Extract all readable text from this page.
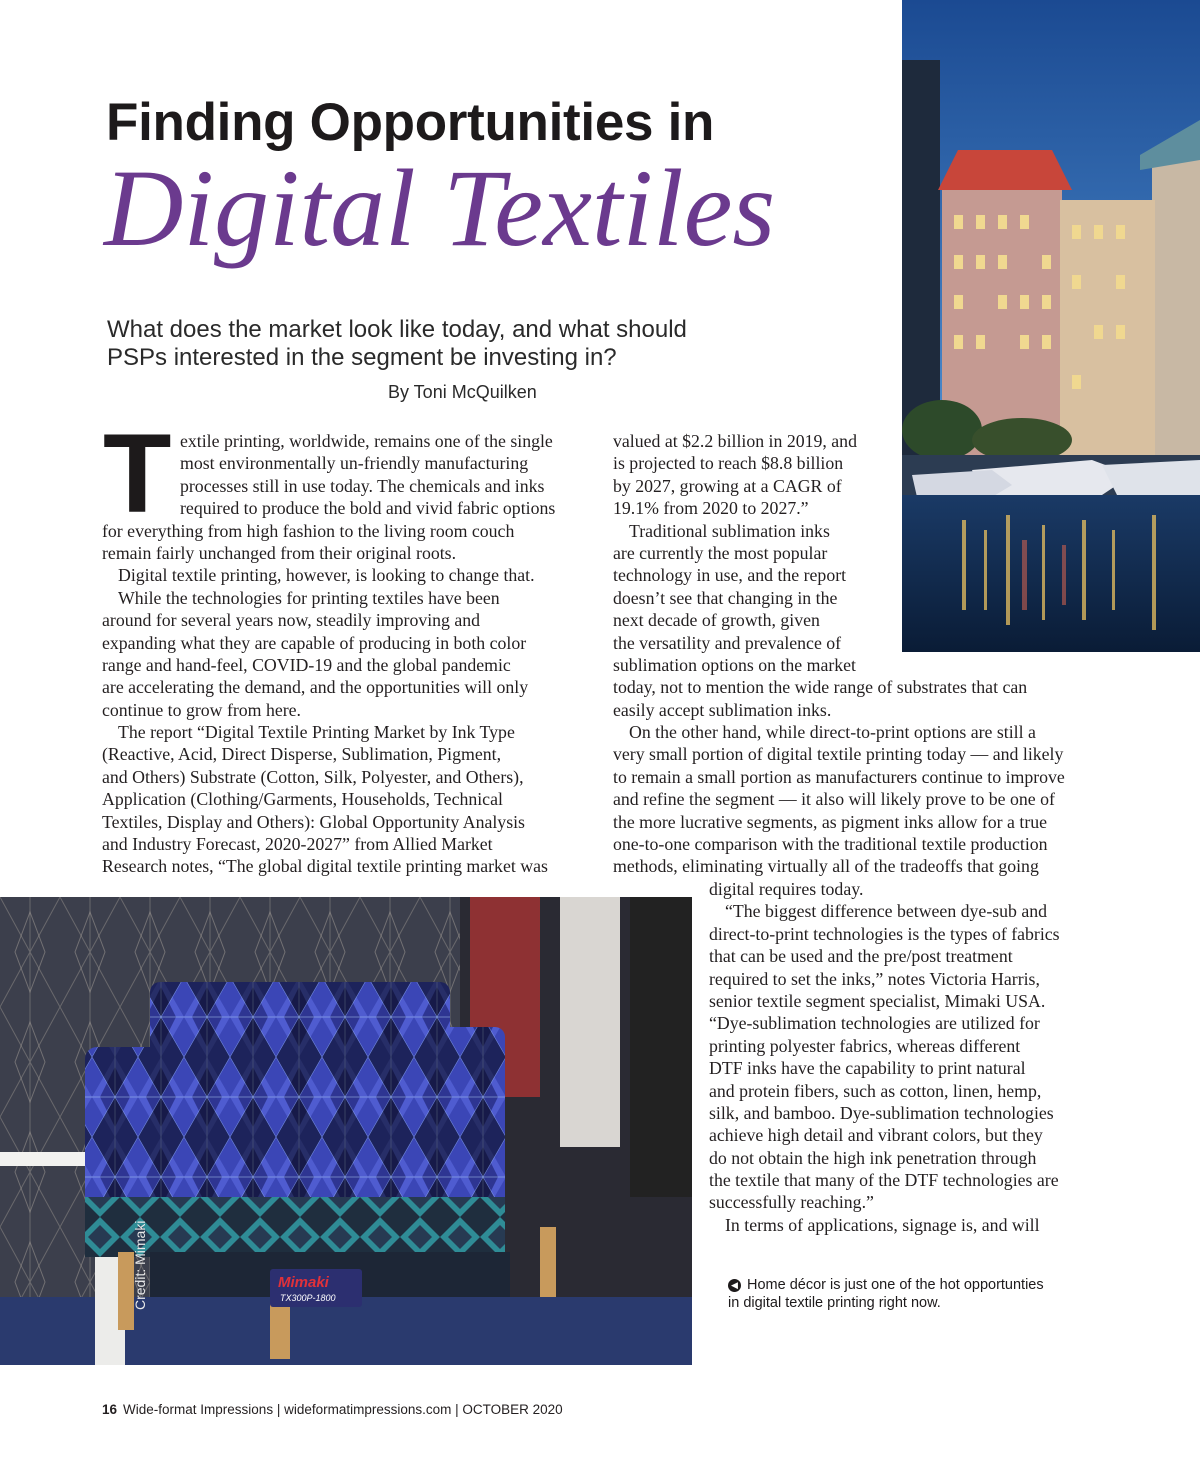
Finding Opportunities in
Digital Textiles
What does the market look like today, and what should
PSPs interested in the segment be investing in?
By Toni McQuilken
T extile printing, worldwide, remains one of the single
most environmentally un-friendly manufacturing
processes still in use today. The chemicals and inks
required to produce the bold and vivid fabric options
for everything from high fashion to the living room couch
remain fairly unchanged from their original roots.
Digital textile printing, however, is looking to change that.
While the technologies for printing textiles have been
around for several years now, steadily improving and
expanding what they are capable of producing in both color
range and hand-feel, COVID-19 and the global pandemic
are accelerating the demand, and the opportunities will only
continue to grow from here.
The report “Digital Textile Printing Market by Ink Type
(Reactive, Acid, Direct Disperse, Sublimation, Pigment,
and Others) Substrate (Cotton, Silk, Polyester, and Others),
Application (Clothing/Garments, Households, Technical
Textiles, Display and Others): Global Opportunity Analysis
and Industry Forecast, 2020-2027” from Allied Market
Research notes, “The global digital textile printing market was
valued at $2.2 billion in 2019, and
is projected to reach $8.8 billion
by 2027, growing at a CAGR of
19.1% from 2020 to 2027.”
Traditional sublimation inks
are currently the most popular
technology in use, and the report
doesn’t see that changing in the
next decade of growth, given
the versatility and prevalence of
sublimation options on the market
today, not to mention the wide range of substrates that can
easily accept sublimation inks.
On the other hand, while direct-to-print options are still a
very small portion of digital textile printing today — and likely
to remain a small portion as manufacturers continue to improve
and refine the segment — it also will likely prove to be one of
the more lucrative segments, as pigment inks allow for a true
one-to-one comparison with the traditional textile production
methods, eliminating virtually all of the tradeoffs that going
digital requires today.
“The biggest difference between dye-sub and
direct-to-print technologies is the types of fabrics
that can be used and the pre/post treatment
required to set the inks,” notes Victoria Harris,
senior textile segment specialist, Mimaki USA.
“Dye-sublimation technologies are utilized for
printing polyester fabrics, whereas different
DTF inks have the capability to print natural
and protein fibers, such as cotton, linen, hemp,
silk, and bamboo. Dye-sublimation technologies
achieve high detail and vibrant colors, but they
do not obtain the high ink penetration through
the textile that many of the DTF technologies are
successfully reaching.”
In terms of applications, signage is, and will
Mimaki
TX300P-1800
Credit: Mimaki	◀ Home décor is just one of the hot opportunties
in digital textile printing right now.
16 Wide-format Impressions | wideformatimpressions.com | OCTOBER 2020
